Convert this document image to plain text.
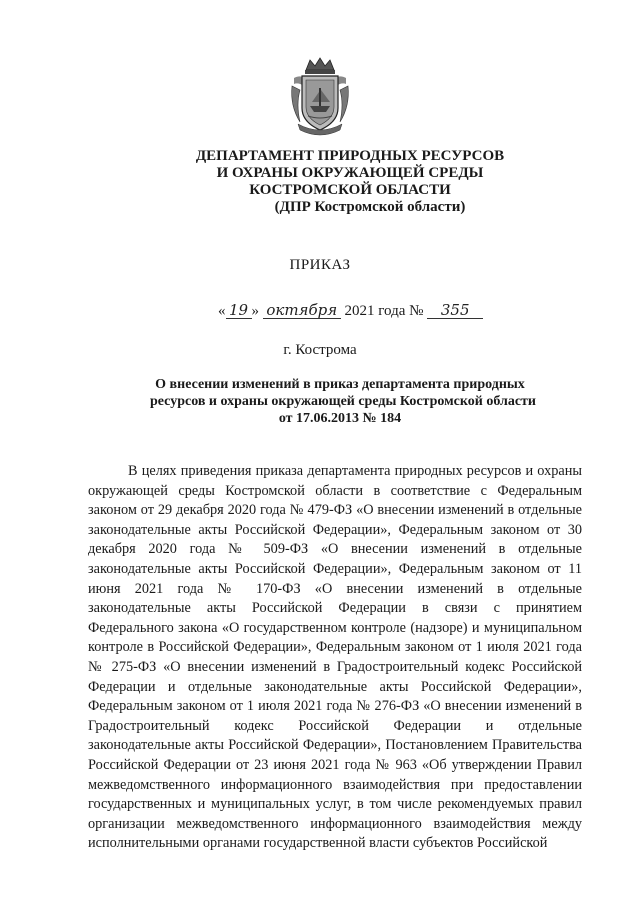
ДЕПАРТАМЕНТ ПРИРОДНЫХ РЕСУРСОВ
И ОХРАНЫ ОКРУЖАЮЩЕЙ СРЕДЫ
КОСТРОМСКОЙ ОБЛАСТИ
(ДПР Костромской области)
ПРИКАЗ
« 19 » октября 2021 года № 355
г. Кострома
О внесении изменений в приказ департамента природных
ресурсов и охраны окружающей среды Костромской области
от 17.06.2013 № 184

В целях приведения приказа департамента природных ресурсов и охраны окружающей среды Костромской области в соответствие с Федеральным законом от 29 декабря 2020 года № 479-ФЗ «О внесении изменений в отдельные законодательные акты Российской Федерации», Федеральным законом от 30 декабря 2020 года № 509-ФЗ «О внесении изменений в отдельные законодательные акты Российской Федерации», Федеральным законом от 11 июня 2021 года № 170-ФЗ «О внесении изменений в отдельные законодательные акты Российской Федерации в связи с принятием Федерального закона «О государственном контроле (надзоре) и муниципальном контроле в Российской Федерации», Федеральным законом от 1 июля 2021 года № 275-ФЗ «О внесении изменений в Градостроительный кодекс Российской Федерации и отдельные законодательные акты Российской Федерации», Федеральным законом от 1 июля 2021 года № 276-ФЗ «О внесении изменений в Градостроительный кодекс Российской Федерации и отдельные законодательные акты Российской Федерации», Постановлением Правительства Российской Федерации от 23 июня 2021 года № 963 «Об утверждении Правил межведомственного информационного взаимодействия при предоставлении государственных и муниципальных услуг, в том числе рекомендуемых правил организации межведомственного информационного взаимодействия между исполнительными органами государственной власти субъектов Российской
